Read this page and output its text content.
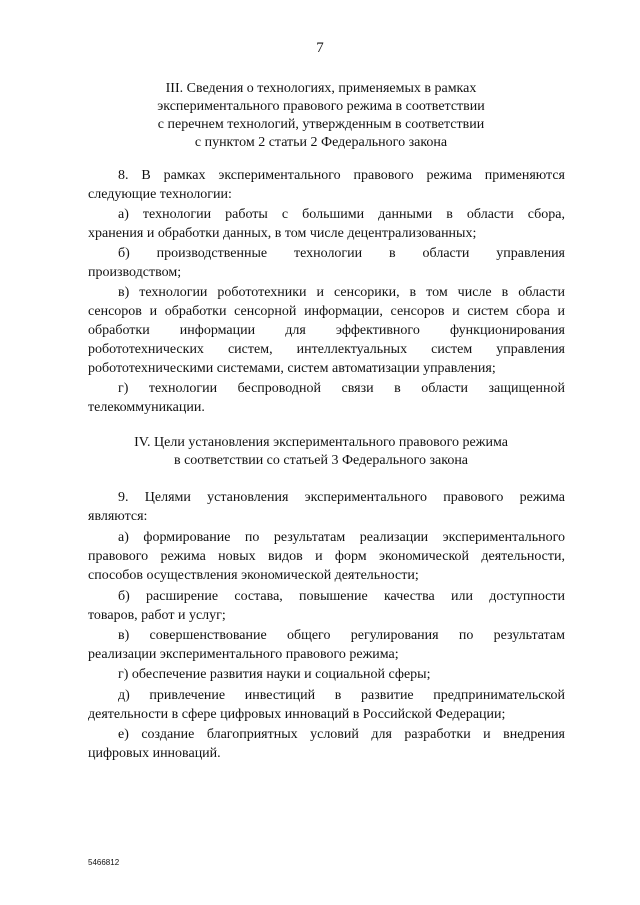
7
III. Сведения о технологиях, применяемых в рамках
экспериментального правового режима в соответствии
с перечнем технологий, утвержденным в соответствии
с пунктом 2 статьи 2 Федерального закона
8. В рамках экспериментального правового режима применяются
следующие технологии:
а) технологии работы с большими данными в области сбора,
хранения и обработки данных, в том числе децентрализованных;
б) производственные технологии в области управления
производством;
в) технологии робототехники и сенсорики, в том числе в области
сенсоров и обработки сенсорной информации, сенсоров и систем сбора и
обработки информации для эффективного функционирования
робототехнических систем, интеллектуальных систем управления
робототехническими системами, систем автоматизации управления;
г) технологии беспроводной связи в области защищенной
телекоммуникации.
IV. Цели установления экспериментального правового режима
в соответствии со статьей 3 Федерального закона
9. Целями установления экспериментального правового режима
являются:
а) формирование по результатам реализации экспериментального
правового режима новых видов и форм экономической деятельности,
способов осуществления экономической деятельности;
б) расширение состава, повышение качества или доступности
товаров, работ и услуг;
в) совершенствование общего регулирования по результатам
реализации экспериментального правового режима;
г) обеспечение развития науки и социальной сферы;
д) привлечение инвестиций в развитие предпринимательской
деятельности в сфере цифровых инноваций в Российской Федерации;
е) создание благоприятных условий для разработки и внедрения
цифровых инноваций.
5466812
